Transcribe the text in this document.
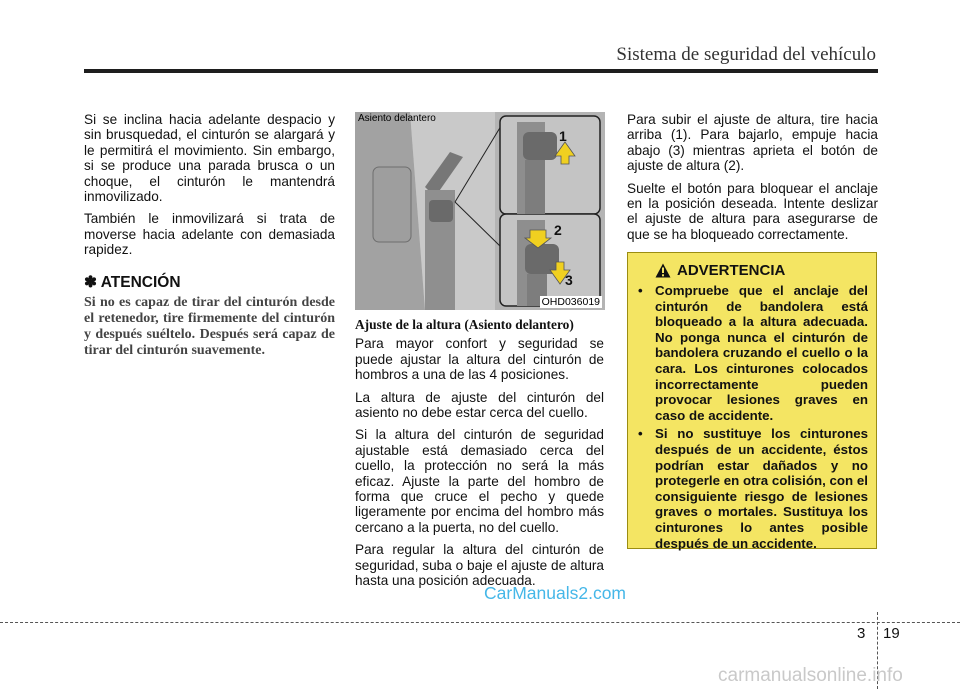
Sistema de seguridad del vehículo

Si se inclina hacia adelante despacio y sin brusquedad, el cinturón se alargará y le permitirá el movimiento. Sin embargo, si se produce una parada brusca o un choque, el cinturón le mantendrá inmovilizado.

También le inmovilizará si trata de moverse hacia adelante con demasiada rapidez.

✽ ATENCIÓN
Si no es capaz de tirar del cinturón desde el retenedor, tire firmemente del cinturón y después suéltelo. Después será capaz de tirar del cinturón suavemente.
Asiento delantero
1
2
3
OHD036019
Ajuste de la altura (Asiento delantero)

Para mayor confort y seguridad se puede ajustar la altura del cinturón de hombros a una de las 4 posiciones.

La altura de ajuste del cinturón del asiento no debe estar cerca del cuello.

Si la altura del cinturón de seguridad ajustable está demasiado cerca del cuello, la protección no será la más eficaz. Ajuste la parte del hombro de forma que cruce el pecho y quede ligeramente por encima del hombro más cercano a la puerta, no del cuello.

Para regular la altura del cinturón de seguridad, suba o baje el ajuste de altura hasta una posición adecuada.

Para subir el ajuste de altura, tire hacia arriba (1). Para bajarlo, empuje hacia abajo (3) mientras aprieta el botón de ajuste de altura (2).

Suelte el botón para bloquear el anclaje en la posición deseada. Intente deslizar el ajuste de altura para asegurarse de que se ha bloqueado correctamente.

ADVERTENCIA
• Compruebe que el anclaje del cinturón de bandolera está bloqueado a la altura adecuada. No ponga nunca el cinturón de bandolera cruzando el cuello o la cara. Los cinturones colocados incorrectamente pueden provocar lesiones graves en caso de accidente.
• Si no sustituye los cinturones después de un accidente, éstos podrían estar dañados y no protegerle en otra colisión, con el consiguiente riesgo de lesiones graves o mortales. Sustituya los cinturones lo antes posible después de un accidente.
CarManuals2.com
3 19
carmanualsonline.info
